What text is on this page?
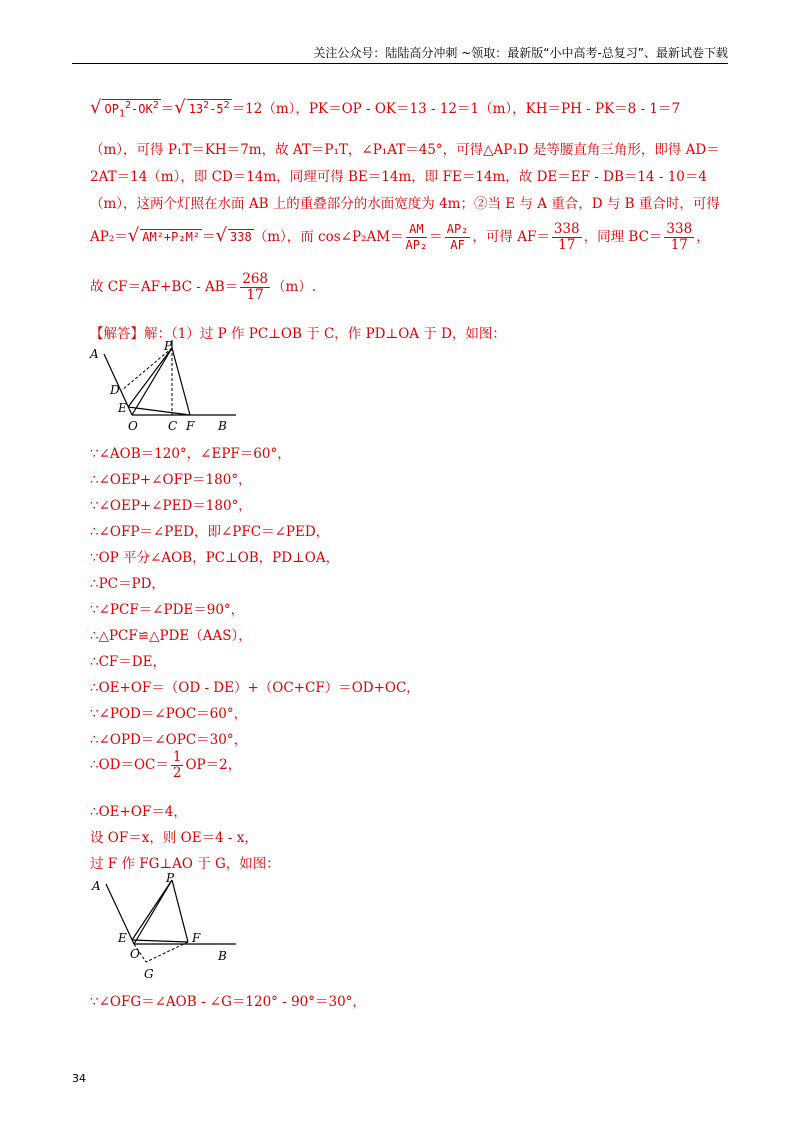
关注公众号：陆陆高分冲刺 ~领取：最新版“小中高考-总复习”、最新试卷下载
√ $OP_1^2-OK^2$ ＝√ $13^2-5^2 =12(m)$，PK＝OP - OK＝13 - 12＝1（m），KH＝PH - PK＝8 - 1＝7
（m），可得 P₁T＝KH＝7m，故 AT＝P₁T，∠P₁AT＝45°，可得△AP₁D 是等腰直角三角形，即得 AD＝
2AT＝14（m），即 CD＝14m，同理可得 BE＝14m，即 FE＝14m，故 DE＝EF - DB＝14 - 10＝4
（m），这两个灯照在水面 AB 上的重叠部分的水面宽度为 4m；②当 E 与 A 重合，D 与 B 重合时，可得
AP₂＝√ AM²+P₂M² ＝√ 338 （m），而 cos∠P₂AM＝ $\frac{AM}{\text{AP₂}} = \frac{\text{AP₂}}{AF}$ ，可得 $AF= \frac{338}{17}$ ，同理 $BC= \frac{338}{17}$ ，
故 $CF=AF+BC - AB= \frac{268}{17} (m)$.
【解答】解：（1）过 P 作 PC⊥OB 于 C，作 PD⊥OA 于 D，如图：
A
P
D
E
O	C F B
∵∠AOB＝120°，∠EPF＝60°，
∴∠OEP+∠OFP＝180°，
∵∠OEP+∠PED＝180°，
∴∠OFP＝∠PED，即∠PFC＝∠PED，
∵OP 平分∠AOB，PC⊥OB，PD⊥OA，
∴PC＝PD，
∵∠PCF＝∠PDE＝90°，
∴△PCF≌△PDE（AAS），
∴CF＝DE，
∴OE+OF＝（OD - DE）+（OC+CF）＝OD+OC，
∵∠POD＝∠POC＝60°，
∴∠OPD＝∠OPC＝30°，
∴OD＝OC＝ $\frac{1}{2} OP=2$，
∴OE+OF＝4，
设 OF＝x，则 OE＝4 - x，
过 F 作 FG⊥AO 于 G，如图：
A
P
E	F
O	B
G
∵∠OFG＝∠AOB - ∠G＝120° - 90°＝30°，
34
